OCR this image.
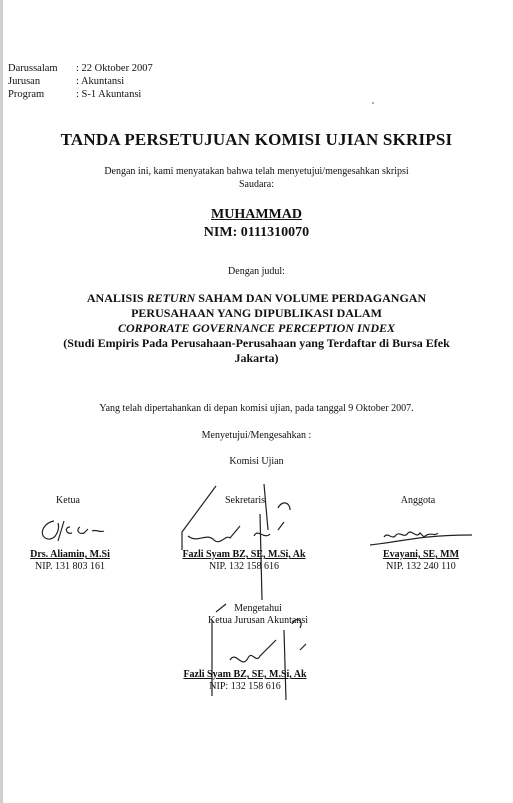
Darussalam	: 22 Oktober 2007
Jurusan	: Akuntansi
Program	: S-1 Akuntansi
TANDA PERSETUJUAN KOMISI UJIAN SKRIPSI
Dengan ini, kami menyatakan bahwa telah menyetujui/mengesahkan skripsi
Saudara:
MUHAMMAD
NIM: 0111310070
Dengan judul:
ANALISIS RETURN SAHAM DAN VOLUME PERDAGANGAN
PERUSAHAAN YANG DIPUBLIKASI DALAM
CORPORATE GOVERNANCE PERCEPTION INDEX
(Studi Empiris Pada Perusahaan-Perusahaan yang Terdaftar di Bursa Efek
Jakarta)
Yang telah dipertahankan di depan komisi ujian, pada tanggal 9 Oktober 2007.
Menyetujui/Mengesahkan :
Komisi Ujian
Ketua
Drs. Aliamin, M.Si
NIP. 131 803 161
Sekretaris
Fazli Syam BZ, SE, M.Si, Ak
NIP. 132 158 616
Anggota
Evayani, SE, MM
NIP. 132 240 110
Mengetahui
Ketua Jurusan Akuntansi
Fazli Syam BZ, SE, M.Si, Ak
NIP: 132 158 616
